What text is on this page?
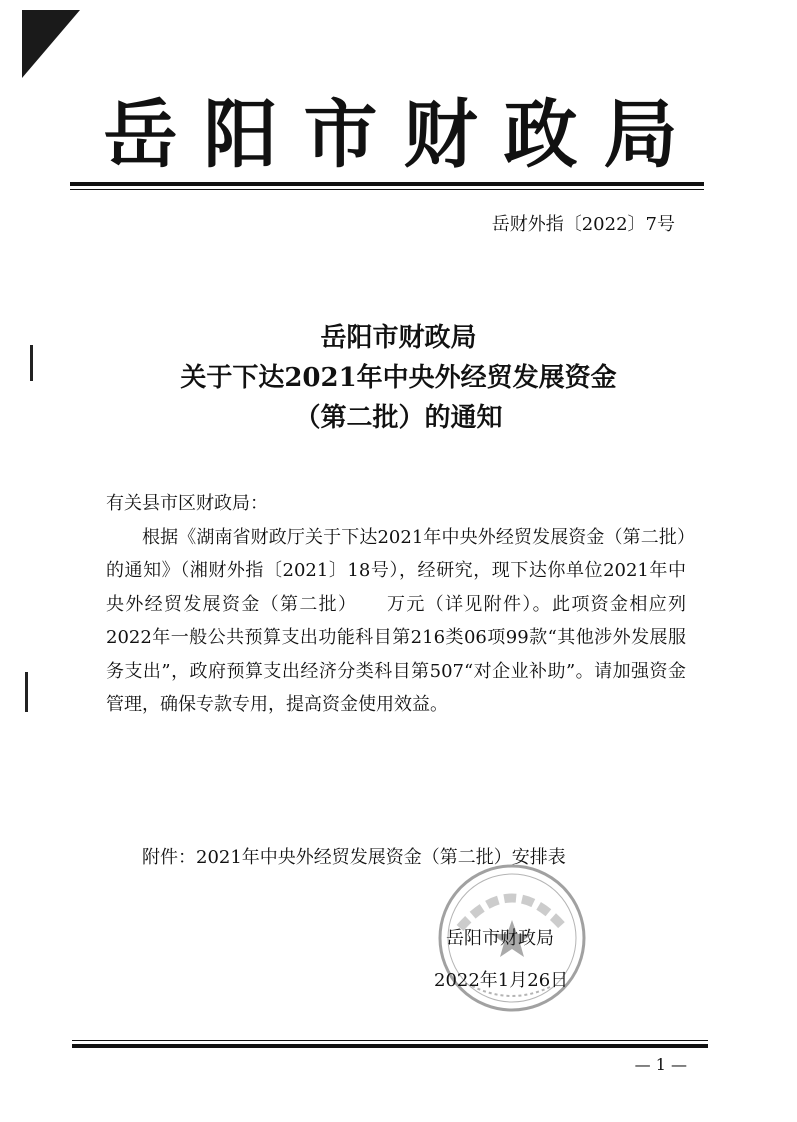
岳阳市财政局
岳财外指〔2022〕7号
岳阳市财政局
关于下达2021年中央外经贸发展资金
（第二批）的通知
有关县市区财政局：

根据《湖南省财政厅关于下达2021年中央外经贸发展资金（第二批）的通知》（湘财外指〔2021〕18号），经研究，现下达你单位2021年中央外经贸发展资金（第二批）　　万元（详见附件）。此项资金相应列2022年一般公共预算支出功能科目第216类06项99款“其他涉外发展服务支出”，政府预算支出经济分类科目第507“对企业补助”。请加强资金管理，确保专款专用，提高资金使用效益。

附件：2021年中央外经贸发展资金（第二批）安排表
岳阳市财政局
2022年1月26日
— 1 —
